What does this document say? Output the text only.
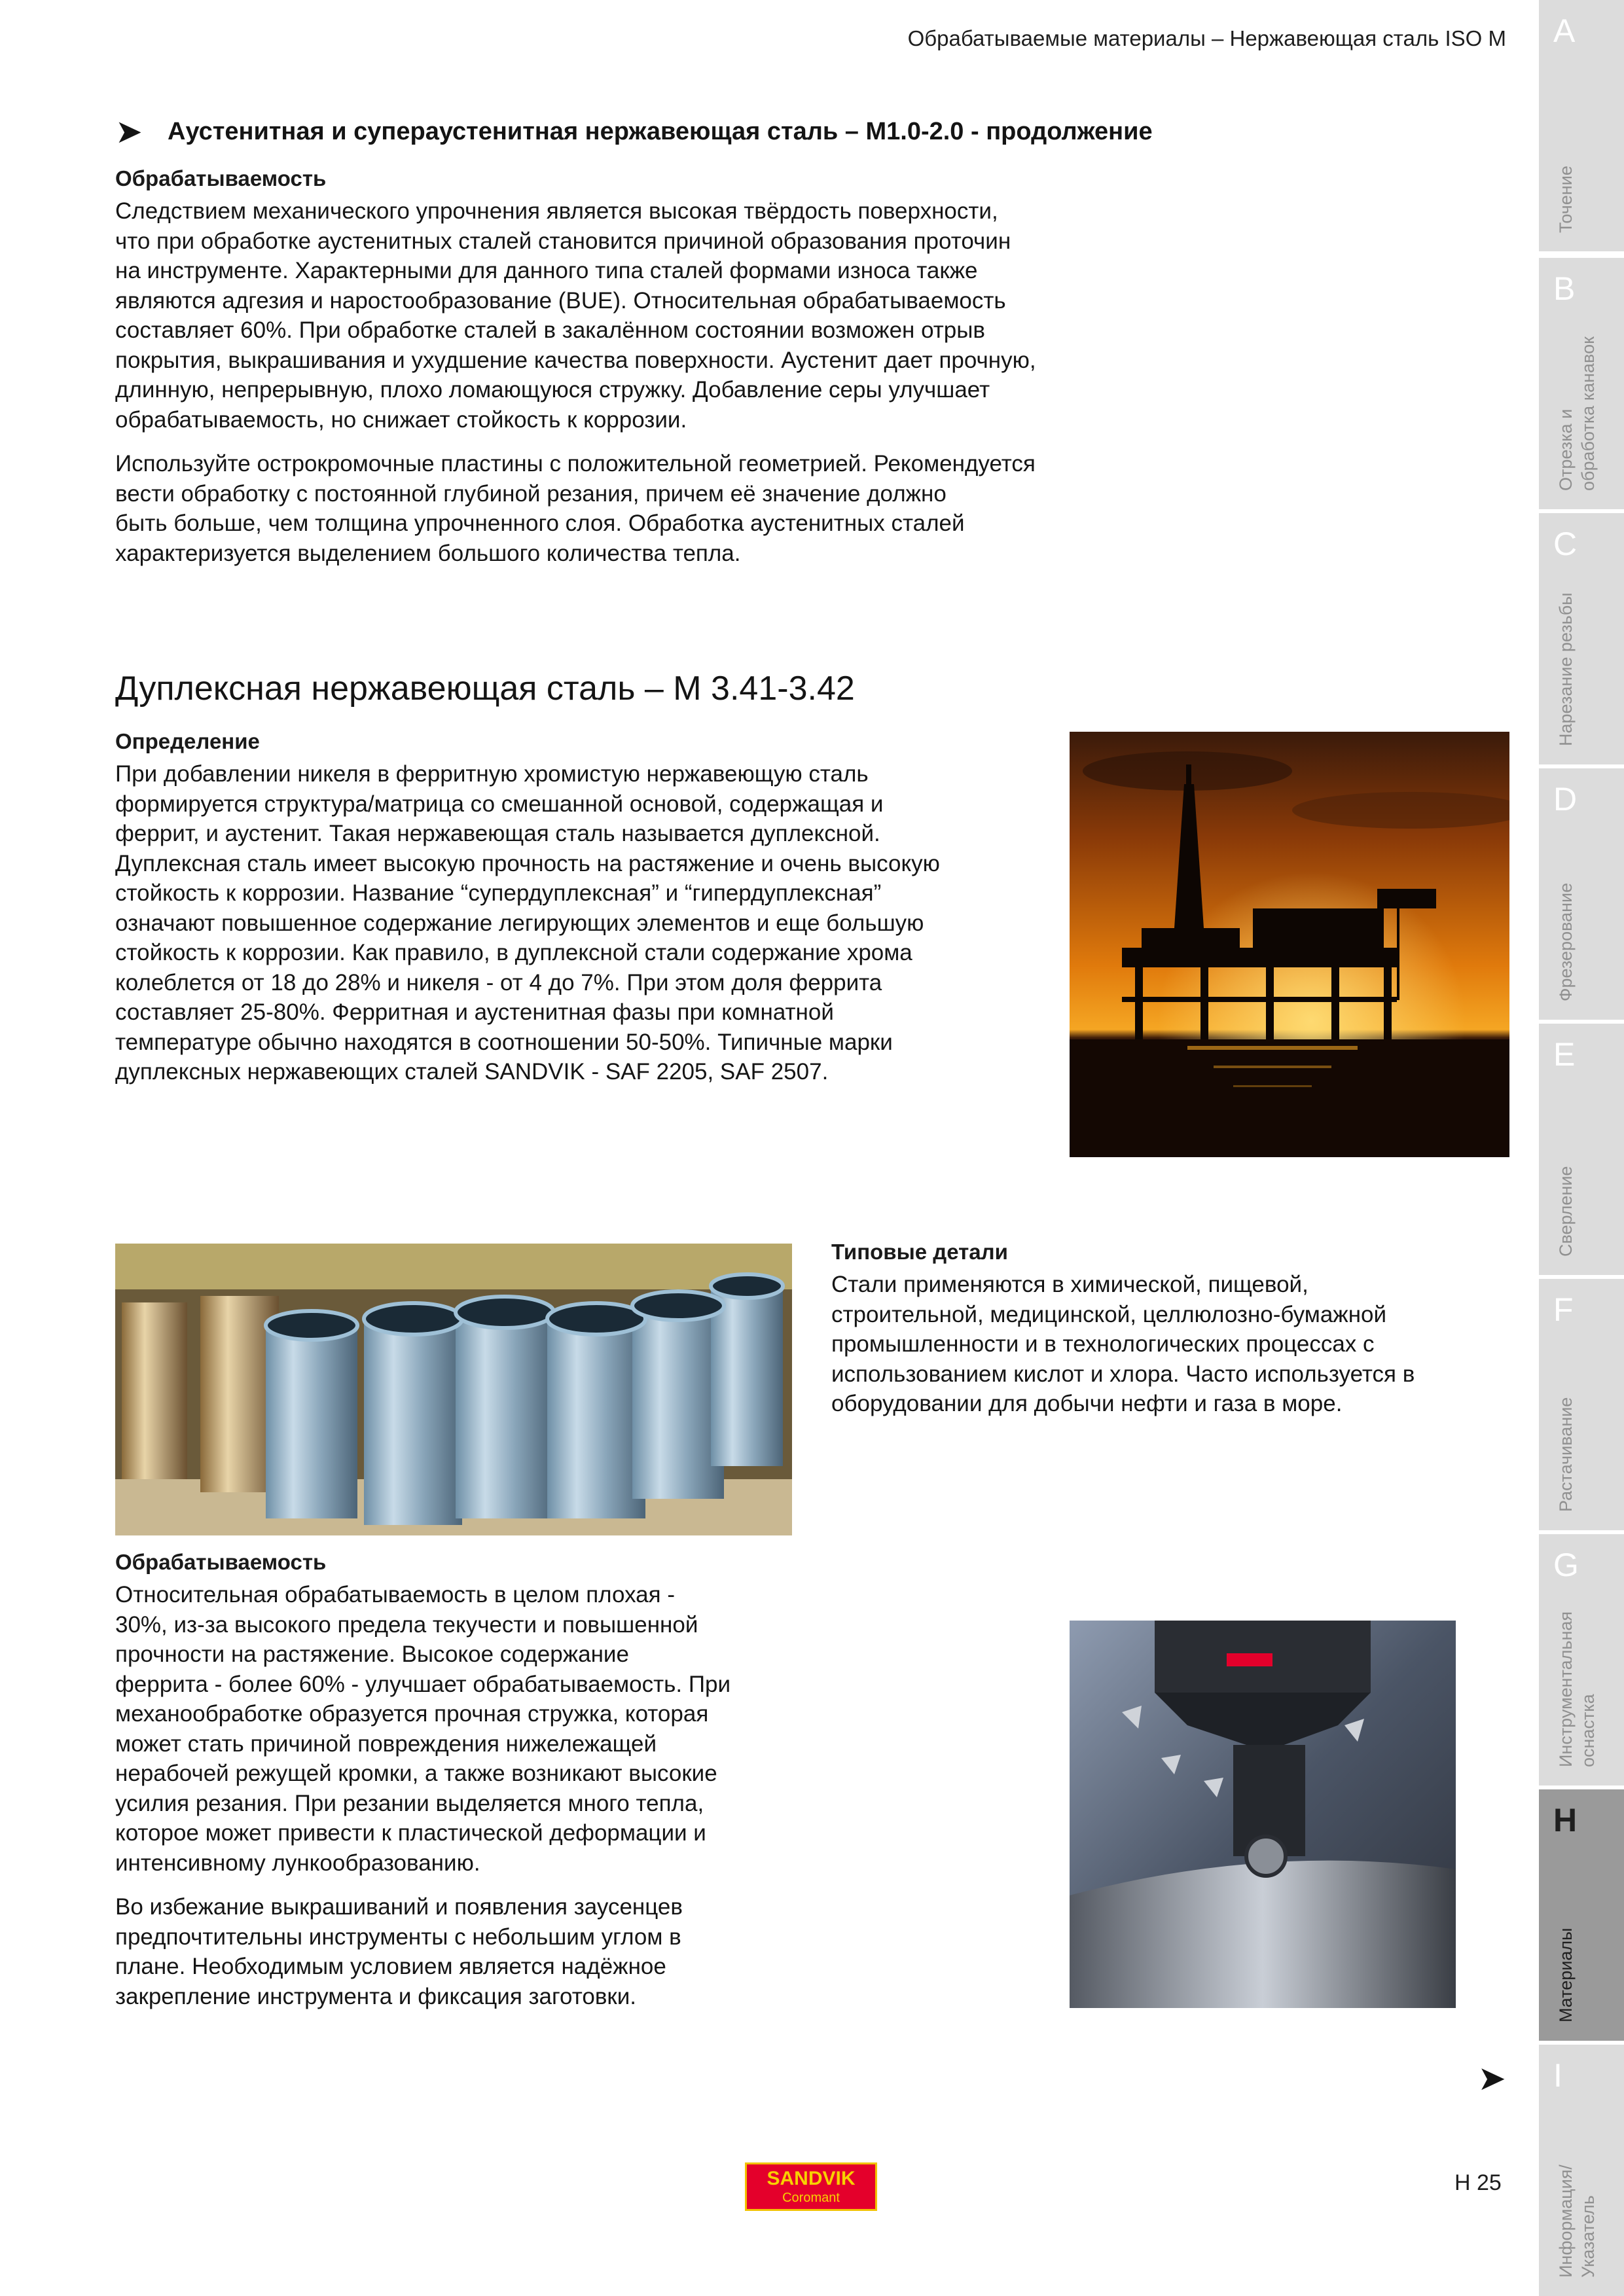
Обрабатываемые материалы – Нержавеющая сталь ISO M
➤	Аустенитная и супераустенитная нержавеющая сталь – M1.0-2.0 - продолжение
Обрабатываемость

Следствием механического упрочнения является высокая твёрдость поверхности,
что при обработке аустенитных сталей становится причиной образования проточин
на инструменте. Характерными для данного типа сталей формами износа также
являются адгезия и наростообразование (BUE). Относительная обрабатываемость
составляет 60%. При обработке сталей в закалённом состоянии возможен отрыв
покрытия, выкрашивания и ухудшение качества поверхности. Аустенит дает прочную,
длинную, непрерывную, плохо ломающуюся стружку. Добавление серы улучшает
обрабатываемость, но снижает стойкость к коррозии.

Используйте острокромочные пластины с положительной геометрией. Рекомендуется
вести обработку с постоянной глубиной резания, причем её значение должно
быть больше, чем толщина упрочненного слоя. Обработка аустенитных сталей
характеризуется выделением большого количества тепла.

Дуплексная нержавеющая сталь – M 3.41-3.42
Определение

При добавлении никеля в ферритную хромистую нержавеющую сталь
формируется структура/матрица со смешанной основой, содержащая и
феррит, и аустенит. Такая нержавеющая сталь называется дуплексной.
Дуплексная сталь имеет высокую прочность на растяжение и очень высокую
стойкость к коррозии. Название “супердуплексная” и “гипердуплексная”
означают повышенное содержание легирующих элементов и еще большую
стойкость к коррозии. Как правило, в дуплексной стали содержание хрома
колеблется от 18 до 28% и никеля - от 4 до 7%. При этом доля феррита
составляет 25-80%. Ферритная и аустенитная фазы при комнатной
температуре обычно находятся в соотношении 50-50%. Типичные марки
дуплексных нержавеющих сталей SANDVIK - SAF 2205, SAF 2507.

Типовые детали

Стали применяются в химической, пищевой,
строительной, медицинской, целлюлозно-бумажной
промышленности и в технологических процессах с
использованием кислот и хлора. Часто используется в
оборудовании для добычи нефти и газа в море.

Обрабатываемость

Относительная обрабатываемость в целом плохая -
30%, из-за высокого предела текучести и повышенной
прочности на растяжение. Высокое содержание
феррита - более 60% - улучшает обрабатываемость. При
механообработке образуется прочная стружка, которая
может стать причиной повреждения нижележащей
нерабочей режущей кромки, а также возникают высокие
усилия резания. При резании выделяется много тепла,
которое может привести к пластической деформации и
интенсивному лункообразованию.

Во избежание выкрашиваний и появления заусенцев
предпочтительны инструменты с небольшим углом в
плане. Необходимым условием является надёжное
закрепление инструмента и фиксация заготовки.

A
Точение
B
Отрезка и
обработка канавок
C
Нарезание резьбы
D
Фрезерование
E
Сверление
F
Растачивание
G
Инструментальная
оснастка
H
Материалы
I
Информация/
Указатель
➤
SANDVIK
Coromant
H 25
